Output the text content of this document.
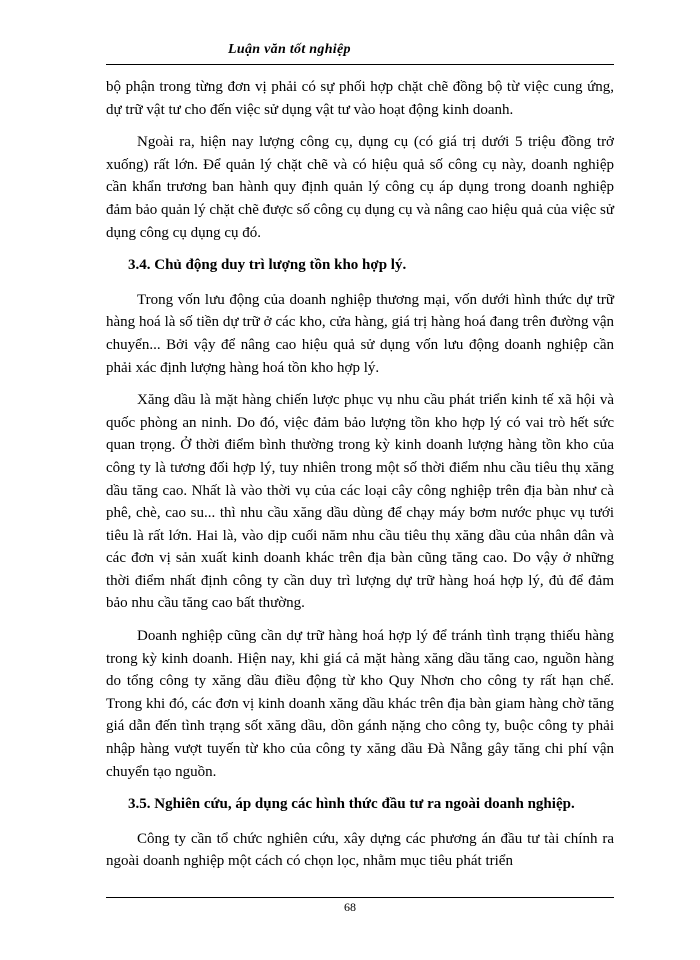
Luận văn tốt nghiệp

bộ phận trong từng đơn vị phải có sự phối hợp chặt chẽ đồng bộ từ việc cung ứng, dự trữ vật tư cho đến việc sử dụng vật tư vào hoạt động kinh doanh.

Ngoài ra, hiện nay lượng công cụ, dụng cụ (có giá trị dưới 5 triệu đồng trở xuống) rất lớn. Để quản lý chặt chẽ và có hiệu quả số công cụ này, doanh nghiệp cần khẩn trương ban hành quy định quản lý công cụ áp dụng trong doanh nghiệp đảm bảo quản lý chặt chẽ được số công cụ dụng cụ và nâng cao hiệu quả của việc sử dụng công cụ dụng cụ đó.

3.4. Chủ động duy trì lượng tồn kho hợp lý.

Trong vốn lưu động của doanh nghiệp thương mại, vốn dưới hình thức dự trữ hàng hoá là số tiền dự trữ ở các kho, cửa hàng, giá trị hàng hoá đang trên đường vận chuyển... Bởi vậy để nâng cao hiệu quả sử dụng vốn lưu động doanh nghiệp cần phải xác định lượng hàng hoá tồn kho hợp lý.

Xăng dầu là mặt hàng chiến lược phục vụ nhu cầu phát triển kinh tế xã hội và quốc phòng an ninh. Do đó, việc đảm bảo lượng tồn kho hợp lý có vai trò hết sức quan trọng. Ở thời điểm bình thường trong kỳ kinh doanh lượng hàng tồn kho của công ty là tương đối hợp lý, tuy nhiên trong một số thời điểm nhu cầu tiêu thụ xăng dầu tăng cao. Nhất là vào thời vụ của các loại cây công nghiệp trên địa bàn như cà phê, chè, cao su... thì nhu cầu xăng dầu dùng để chạy máy bơm nước phục vụ tưới tiêu là rất lớn. Hai là, vào dịp cuối năm nhu cầu tiêu thụ xăng dầu của nhân dân và các đơn vị sản xuất kinh doanh khác trên địa bàn cũng tăng cao. Do vậy ở những thời điểm nhất định công ty cần duy trì lượng dự trữ hàng hoá hợp lý, đủ để đảm bảo nhu cầu tăng cao bất thường.

Doanh nghiệp cũng cần dự trữ hàng hoá hợp lý để tránh tình trạng thiếu hàng trong kỳ kinh doanh. Hiện nay, khi giá cả mặt hàng xăng dầu tăng cao, nguồn hàng do tổng công ty xăng dầu điều động từ kho Quy Nhơn cho công ty rất hạn chế. Trong khi đó, các đơn vị kinh doanh xăng dầu khác trên địa bàn giam hàng chờ tăng giá dẫn đến tình trạng sốt xăng dầu, dồn gánh nặng cho công ty, buộc công ty phải nhập hàng vượt tuyến từ kho của công ty xăng dầu Đà Nẵng gây tăng chi phí vận chuyển tạo nguồn.

3.5. Nghiên cứu, áp dụng các hình thức đầu tư ra ngoài doanh nghiệp.

Công ty cần tổ chức nghiên cứu, xây dựng các phương án đầu tư tài chính ra ngoài doanh nghiệp một cách có chọn lọc, nhằm mục tiêu phát triển

68
